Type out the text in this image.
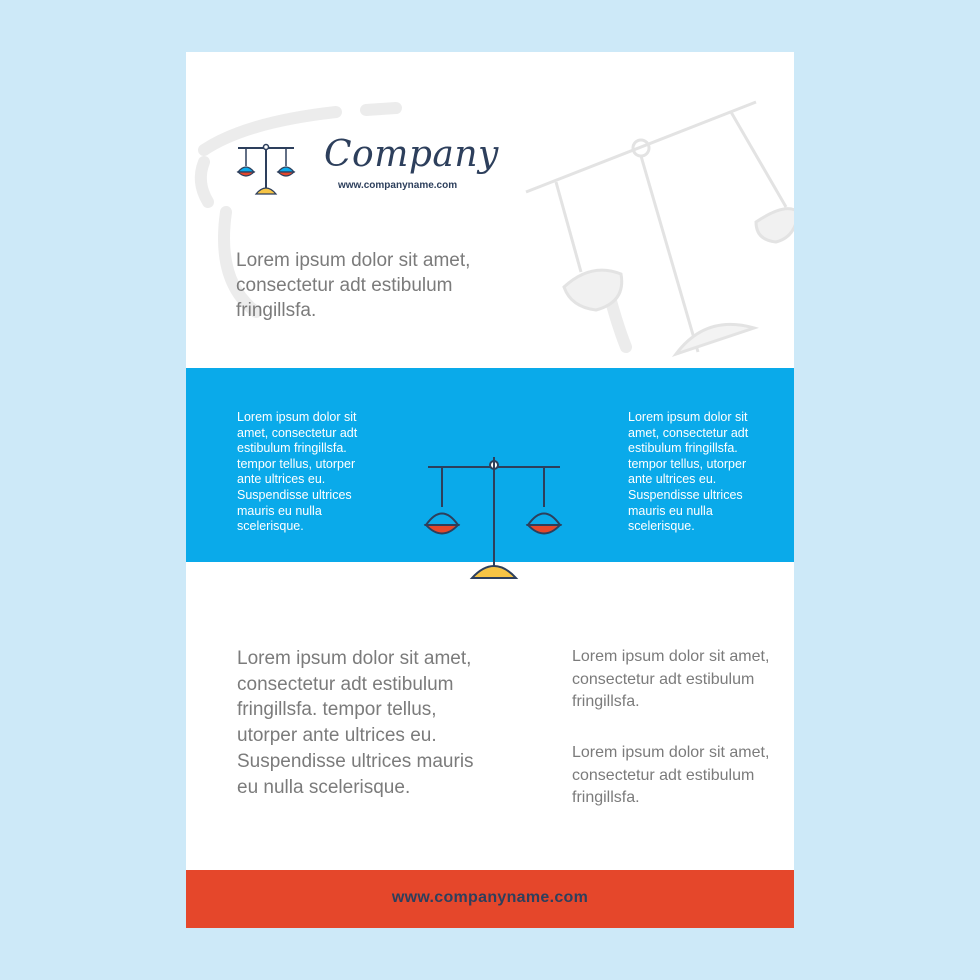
Company
www.companyname.com
Lorem ipsum dolor sit amet, consectetur adt estibulum fringillsfa.
Lorem ipsum dolor sit amet, consectetur adt estibulum fringillsfa. tempor tellus, utorper ante ultrices eu. Suspendisse ultrices mauris eu nulla scelerisque.
Lorem ipsum dolor sit amet, consectetur adt estibulum fringillsfa. tempor tellus, utorper ante ultrices eu. Suspendisse ultrices mauris eu nulla scelerisque.
Lorem ipsum dolor sit amet, consectetur adt estibulum fringillsfa. tempor tellus, utorper ante ultrices eu. Suspendisse ultrices mauris eu nulla scelerisque.
Lorem ipsum dolor sit amet, consectetur adt estibulum fringillsfa.
Lorem ipsum dolor sit amet, consectetur adt estibulum fringillsfa.
www.companyname.com
